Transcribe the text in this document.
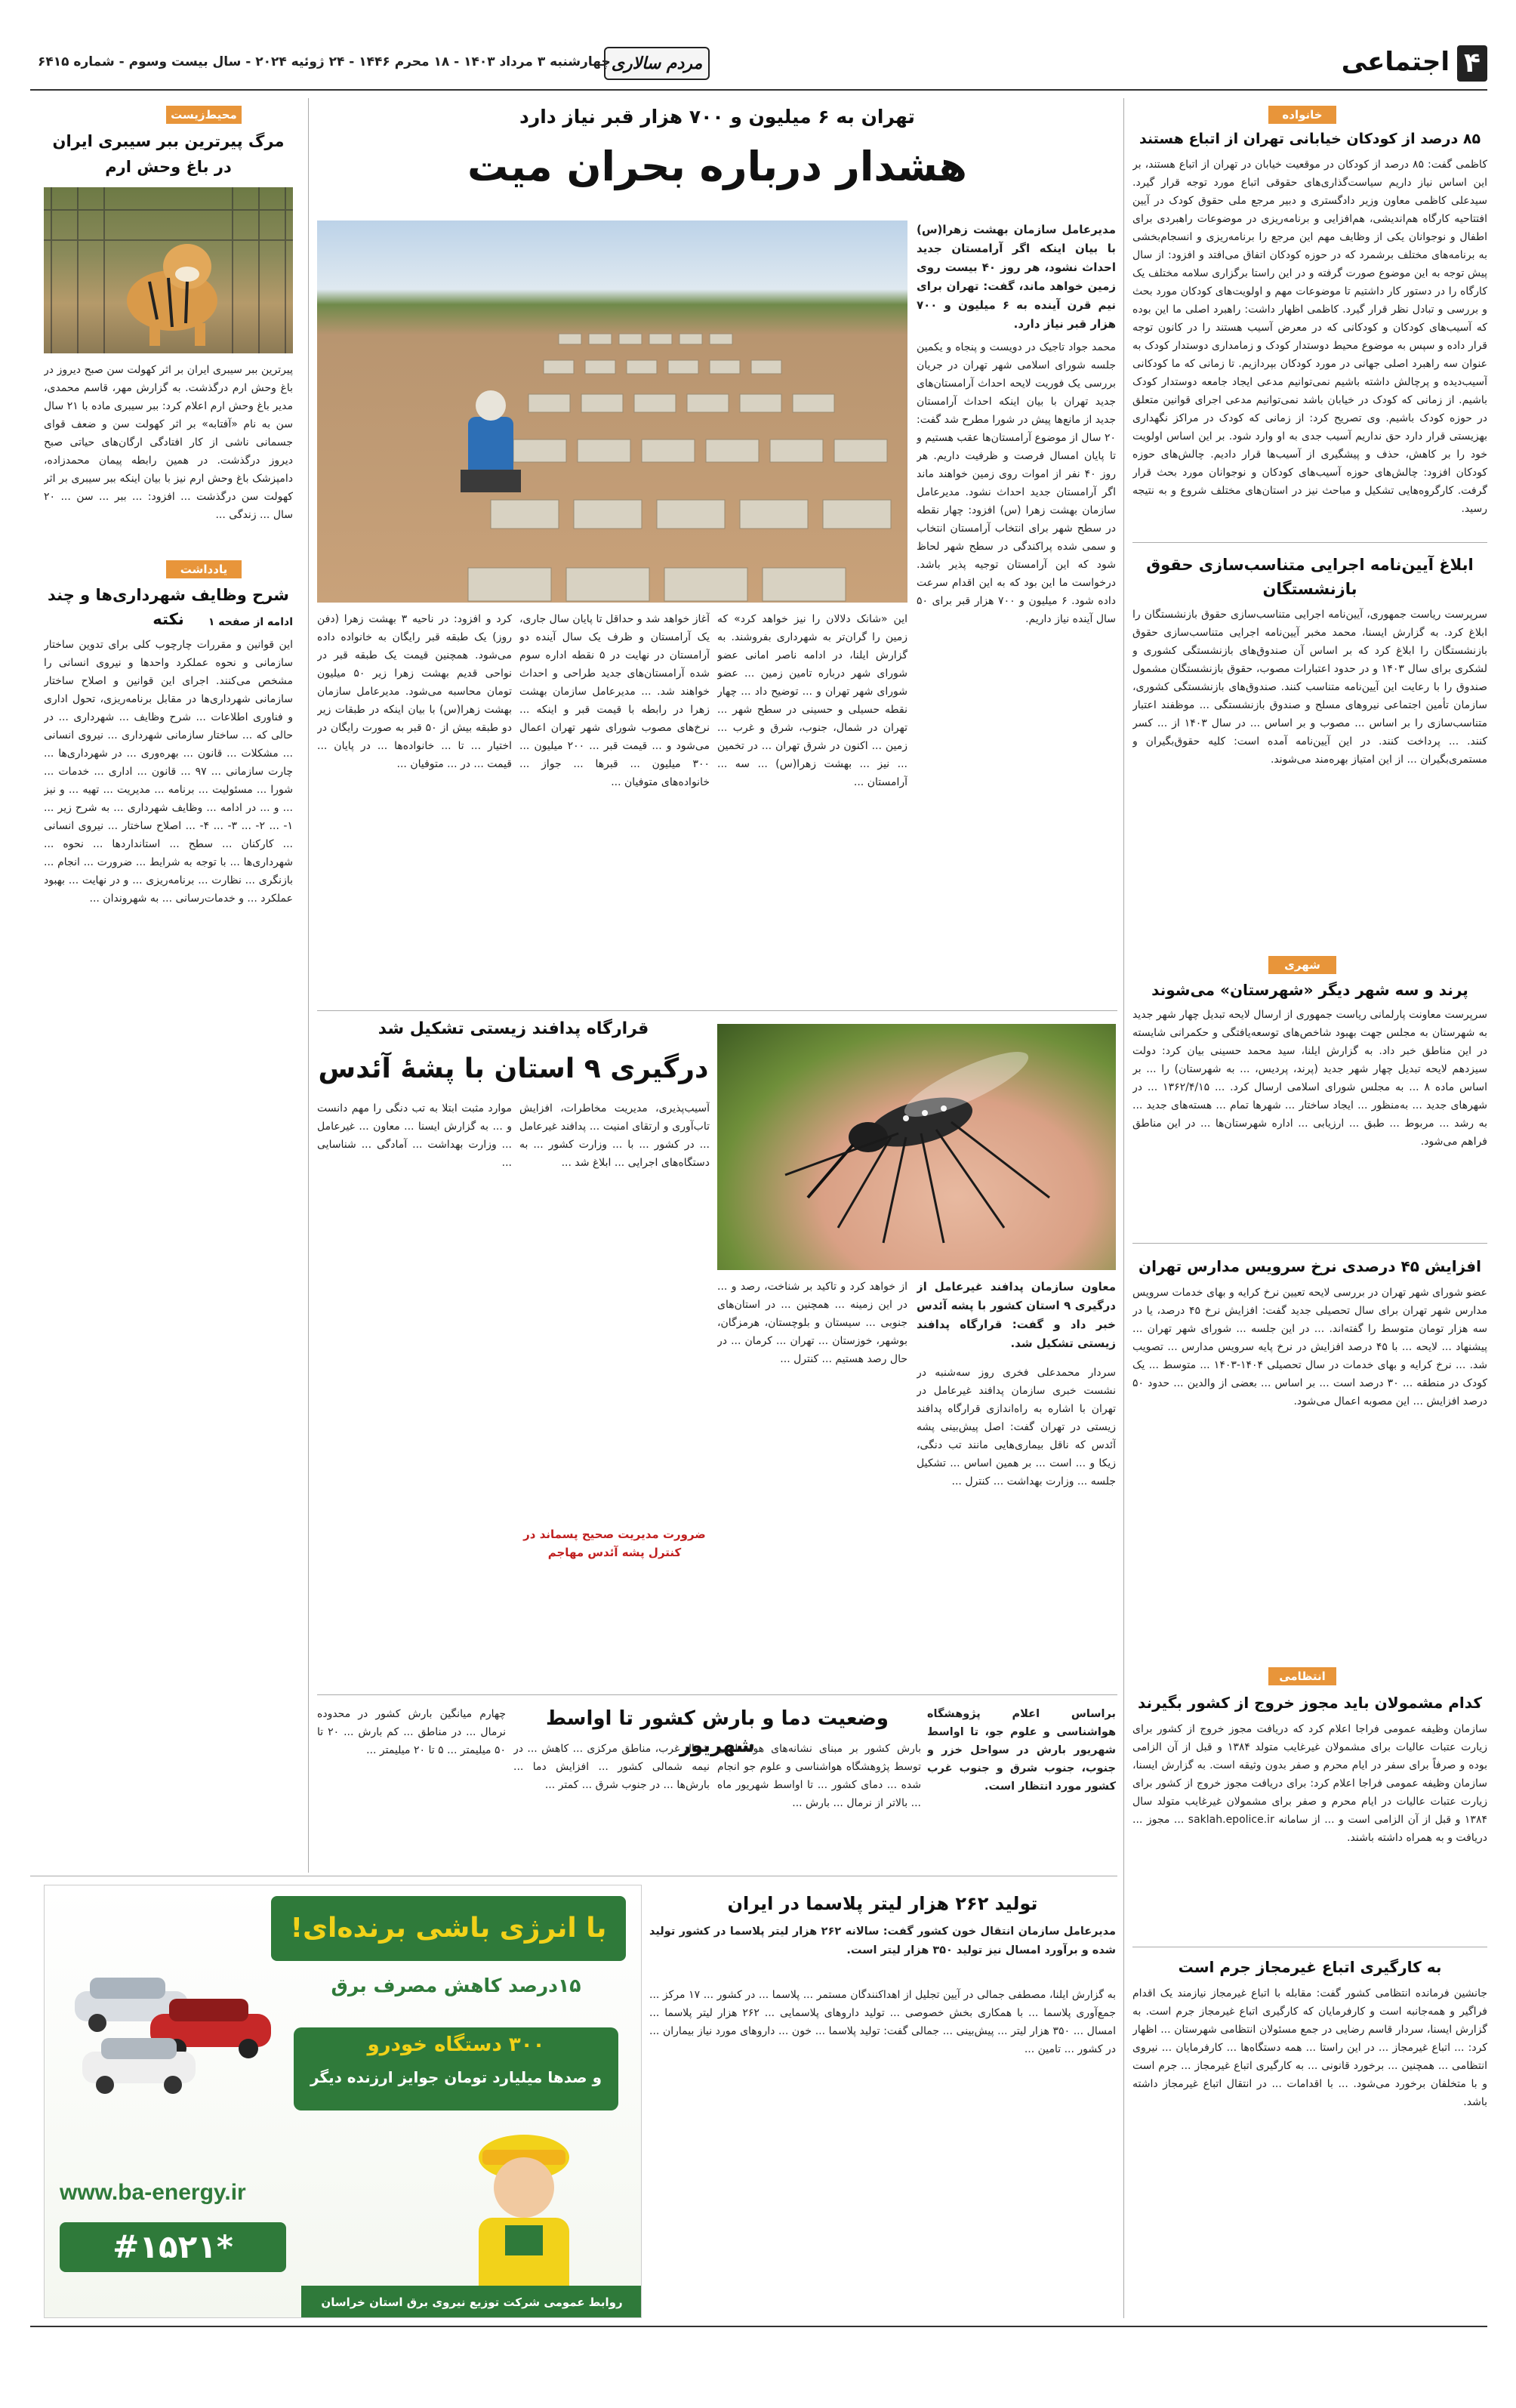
۴
اجتماعی
مردم سالاری
چهارشنبه ۳ مرداد ۱۴۰۳ - ۱۸ محرم ۱۴۴۶ - ۲۴ ژوئیه ۲۰۲۴ - سال بیست وسوم - شماره ۶۴۱۵
خانواده
۸۵ درصد از کودکان خیابانی تهران از اتباع هستند
کاظمی گفت: ۸۵ درصد از کودکان در موقعیت خیابان در تهران از اتباع هستند، بر این اساس نیاز داریم سیاست‌گذاری‌های حقوقی اتباع مورد توجه قرار گیرد. سیدعلی کاظمی معاون وزیر دادگستری و دبیر مرجع ملی حقوق کودک در آیین افتتاحیه کارگاه هم‌اندیشی، هم‌افزایی و برنامه‌ریزی در موضوعات راهبردی برای اطفال و نوجوانان یکی از وظایف مهم این مرجع را برنامه‌ریزی و انسجام‌بخشی به برنامه‌های مختلف برشمرد که در حوزه کودکان اتفاق می‌افتد و افزود: از سال پیش توجه به این موضوع صورت گرفته و در این راستا برگزاری سلامه مختلف یک کارگاه را در دستور کار داشتیم تا موضوعات مهم و اولویت‌های کودکان مورد بحث و بررسی و تبادل نظر قرار گیرد. کاظمی اظهار داشت: راهبرد اصلی ما این بوده که آسیب‌های کودکان و کودکانی که در معرض آسیب هستند را در کانون توجه قرار داده و سپس به موضوع محیط دوستدار کودک و زمامداری دوستدار کودک به عنوان سه راهبرد اصلی جهانی در مورد کودکان بپردازیم. تا زمانی که ما کودکانی آسیب‌دیده و پرچالش داشته باشیم نمی‌توانیم مدعی ایجاد جامعه دوستدار کودک باشیم. از زمانی که کودک در خیابان باشد نمی‌توانیم مدعی اجرای قوانین متعلق در حوزه کودک باشیم. وی تصریح کرد: از زمانی که کودک در مراکز نگهداری بهزیستی قرار دارد حق نداریم آسیب جدی به او وارد شود. بر این اساس اولویت خود را بر کاهش، حذف و پیشگیری از آسیب‌ها قرار دادیم. چالش‌های حوزه کودکان افزود: چالش‌های حوزه آسیب‌های کودکان و نوجوانان مورد بحث قرار گرفت. کارگروه‌هایی تشکیل و مباحث نیز در استان‌های مختلف شروع و به نتیجه رسید.
ابلاغ آیین‌نامه اجرایی متناسب‌سازی حقوق بازنشستگان
سرپرست ریاست جمهوری، آیین‌نامه اجرایی متناسب‌سازی حقوق بازنشستگان را ابلاغ کرد. به گزارش ایسنا، محمد مخبر آیین‌نامه اجرایی متناسب‌سازی حقوق بازنشستگان را ابلاغ کرد که بر اساس آن صندوق‌های بازنشستگی کشوری و لشکری برای سال ۱۴۰۳ و در حدود اعتبارات مصوب، حقوق بازنشستگان مشمول صندوق را با رعایت این آیین‌نامه متناسب کنند. صندوق‌های بازنشستگی کشوری، سازمان تأمین اجتماعی نیروهای مسلح و صندوق بازنشستگی ... موظفند اعتبار متناسب‌سازی را بر اساس ... مصوب و بر اساس ... در سال ۱۴۰۳ از ... کسر کنند. ... پرداخت کنند. در این آیین‌نامه آمده است: کلیه حقوق‌بگیران و مستمری‌بگیران ... از این امتیاز بهره‌مند می‌شوند.
شهری
پرند و سه شهر دیگر «شهرستان» می‌شوند
سرپرست معاونت پارلمانی ریاست جمهوری از ارسال لایحه تبدیل چهار شهر جدید به شهرستان به مجلس جهت بهبود شاخص‌های توسعه‌یافتگی و حکمرانی شایسته در این مناطق خبر داد. به گزارش ایلنا، سید محمد حسینی بیان کرد: دولت سیزدهم لایحه تبدیل چهار شهر جدید (پرند، پردیس، ... به شهرستان) را ... بر اساس ماده ۸ ... به مجلس شورای اسلامی ارسال کرد. ... ۱۳۶۲/۴/۱۵ ... در شهرهای جدید ... به‌منظور ... ایجاد ساختار ... شهرها تمام ... هسته‌های جدید ... به رشد ... مربوط ... طبق ... ارزیابی ... اداره شهرستان‌ها ... در این مناطق فراهم می‌شود.
افزایش ۴۵ درصدی نرخ سرویس مدارس تهران
عضو شورای شهر تهران در بررسی لایحه تعیین نرخ کرایه و بهای خدمات سرویس مدارس شهر تهران برای سال تحصیلی جدید گفت: افزایش نرخ ۴۵ درصد، یا در سه هزار تومان متوسط را گفته‌اند. ... در این جلسه ... شورای شهر تهران ... پیشنهاد ... لایحه ... با ۴۵ درصد افزایش در نرخ پایه سرویس مدارس ... تصویب شد. ... نرخ کرایه و بهای خدمات در سال تحصیلی ۱۴۰۴-۱۴۰۳ ... متوسط ... یک کودک در منطقه ... ۳۰ درصد است ... بر اساس ... بعضی از والدین ... حدود ۵۰ درصد افزایش ... این مصوبه اعمال می‌شود.
انتظامی
کدام مشمولان باید مجوز خروج از کشور بگیرند
سازمان وظیفه عمومی فراجا اعلام کرد که دریافت مجوز خروج از کشور برای زیارت عتبات عالیات برای مشمولان غیرغایب متولد ۱۳۸۴ و قبل از آن الزامی بوده و صرفاً برای سفر در ایام محرم و صفر بدون وثیقه است. به گزارش ایسنا، سازمان وظیفه عمومی فراجا اعلام کرد: برای دریافت مجوز خروج از کشور برای زیارت عتبات عالیات در ایام محرم و صفر برای مشمولان غیرغایب متولد سال ۱۳۸۴ و قبل از آن الزامی است و ... از سامانه saklah.epolice.ir ... مجوز ... دریافت و به همراه داشته باشند.
به کارگیری اتباع غیرمجاز جرم است
جانشین فرمانده انتظامی کشور گفت: مقابله با اتباع غیرمجاز نیازمند یک اقدام فراگیر و همه‌جانبه است و کارفرمایان که کارگیری اتباع غیرمجاز جرم است. به گزارش ایسنا، سردار قاسم رضایی در جمع مسئولان انتظامی شهرستان ... اظهار کرد: ... اتباع غیرمجاز ... در این راستا ... همه دستگاه‌ها ... کارفرمایان ... نیروی انتظامی ... همچنین ... برخورد قانونی ... به کارگیری اتباع غیرمجاز ... جرم است و با متخلفان برخورد می‌شود. ... با اقدامات ... در انتقال اتباع غیرمجاز داشته باشد.
محیط‌زیست
مرگ پیرترین ببر سیبری ایران در باغ وحش ارم
پیرترین ببر سیبری ایران بر اثر کهولت سن صبح دیروز در باغ وحش ارم درگذشت. به گزارش مهر، قاسم محمدی، مدیر باغ وحش ارم اعلام کرد: ببر سیبری ماده با ۲۱ سال سن به نام «آفتابه» بر اثر کهولت سن و ضعف قوای جسمانی ناشی از کار افتادگی ارگان‌های حیاتی صبح دیروز درگذشت. در همین رابطه پیمان محمدزاده، دامپزشک باغ وحش ارم نیز با بیان اینکه ببر سیبری بر اثر کهولت سن درگذشت ... افزود: ... ببر ... سن ... ۲۰ سال ... زندگی ...
یادداشت
شرح وظایف شهرداری‌ها و چند نکته	ادامه از صفحه ۱
این قوانین و مقررات چارچوب کلی برای تدوین ساختار سازمانی و نحوه عملکرد واحدها و نیروی انسانی را مشخص می‌کنند. اجرای این قوانین و اصلاح ساختار سازمانی شهرداری‌ها در مقابل برنامه‌ریزی، تحول اداری و فناوری اطلاعات ... شرح وظایف ... شهرداری ... در حالی که ... ساختار سازمانی شهرداری ... نیروی انسانی ... مشکلات ... قانون ... بهره‌وری ... در شهرداری‌ها ... چارت سازمانی ... ۹۷ ... قانون ... اداری ... خدمات ... شورا ... مسئولیت ... برنامه ... مدیریت ... تهیه ... و نیز ... و ... در ادامه ... وظایف شهرداری ... به شرح زیر ... ۱- ... ۲- ... ۳- ... ۴- ... اصلاح ساختار ... نیروی انسانی ... کارکنان ... سطح ... استانداردها ... نحوه ... شهرداری‌ها ... با توجه به شرایط ... ضرورت ... انجام ... بازنگری ... نظارت ... برنامه‌ریزی ... و در نهایت ... بهبود عملکرد ... و خدمات‌رسانی ... به شهروندان ...
تهران به ۶ میلیون و ۷۰۰ هزار قبر نیاز دارد
هشدار درباره بحران میت
مدیرعامل سازمان بهشت زهرا(س) با بیان اینکه اگر آرامستان جدید احداث نشود، هر روز ۴۰ بیست روی زمین خواهد ماند، گفت: تهران برای نیم قرن آینده به ۶ میلیون و ۷۰۰ هزار قبر نیاز دارد.
محمد جواد تاجیک در دویست و پنجاه و یکمین جلسه شورای اسلامی شهر تهران در جریان بررسی یک فوریت لایحه احداث آرامستان‌های جدید تهران با بیان اینکه احداث آرامستان جدید از مانع‌ها پیش در شورا مطرح شد گفت: ۲۰ سال از موضوع آرامستان‌ها عقب هستیم و تا پایان امسال فرصت و ظرفیت داریم. هر روز ۴۰ نفر از اموات روی زمین خواهند ماند اگر آرامستان جدید احداث نشود. مدیرعامل سازمان بهشت زهرا (س) افزود: چهار نقطه در سطح شهر برای انتخاب آرامستان انتخاب و سمی شده پراکندگی در سطح شهر لحاظ شود که این آرامستان توجیه پذیر باشد. درخواست ما این بود که به این اقدام سرعت داده شود. ۶ میلیون و ۷۰۰ هزار قبر برای ۵۰ سال آینده نیاز داریم.
این «شانک دلالان را نیز خواهد کرد» که زمین را گران‌تر به شهرداری بفروشند. به گزارش ایلنا، در ادامه ناصر امانی عضو شورای شهر درباره تامین زمین ... عضو شورای شهر تهران و ... توضیح داد ... چهار نقطه حسیلی و حسینی در سطح شهر ... تهران در شمال، جنوب، شرق و غرب ... زمین ... اکنون در شرق تهران ... در تخمین ... نیز ... بهشت زهرا(س) ... سه ... آرامستان ...
آغاز خواهد شد و حداقل تا پایان سال جاری، یک آرامستان و ظرف یک سال آینده دو آرامستان در نهایت در ۵ نقطه اداره سوم شده آرامستان‌های جدید طراحی و احداث خواهند شد. ... مدیرعامل سازمان بهشت زهرا در رابطه با قیمت قبر و اینکه ... نرخ‌های مصوب شورای شهر تهران اعمال می‌شود و ... قیمت قبر ... ۲۰۰ میلیون ... ۳۰۰ میلیون ... قبرها ... جواز ... خانواده‌های متوفیان ...
کرد و افزود: در ناحیه ۳ بهشت زهرا (دفن روز) یک طبقه قبر رایگان به خانواده داده می‌شود. همچنین قیمت یک طبقه قبر در نواحی قدیم بهشت زهرا زیر ۵۰ میلیون تومان محاسبه می‌شود. مدیرعامل سازمان بهشت زهرا(س) با بیان اینکه در طبقات زیر دو طبقه بیش از ۵۰ قبر به صورت رایگان در اختیار ... تا ... خانواده‌ها ... در پایان ... قیمت ... در ... متوفیان ...
قرارگاه پدافند زیستی تشکیل شد
درگیری ۹ استان با پشهٔ آئدس
معاون سازمان پدافند غیرعامل از درگیری ۹ استان کشور با پشه آئدس خبر داد و گفت: قرارگاه پدافند زیستی تشکیل شد.
سردار محمدعلی فخری روز سه‌شنبه در نشست خبری سازمان پدافند غیرعامل در تهران با اشاره به راه‌اندازی قرارگاه پدافند زیستی در تهران گفت: اصل پیش‌بینی پشه آئدس که ناقل بیماری‌هایی مانند تب دنگی، زیکا و ... است ... بر همین اساس ... تشکیل جلسه ... وزارت بهداشت ... کنترل ...
از خواهد کرد و تاکید بر شناخت، رصد و ... در این زمینه ... همچنین ... در استان‌های جنوبی ... سیستان و بلوچستان، هرمزگان، بوشهر، خوزستان ... تهران ... کرمان ... در حال رصد هستیم ... کنترل ...
آسیب‌پذیری، مدیریت مخاطرات، افزایش تاب‌آوری و ارتقای امنیت ... پدافند غیرعامل ... در کشور ... با ... وزارت کشور ... به دستگاه‌های اجرایی ... ابلاغ شد ...
ضرورت مدیریت صحیح پسماند در کنترل پشه آئدس مهاجم
موارد مثبت ابتلا به تب دنگی را مهم دانست و ... به گزارش ایسنا ... معاون ... غیرعامل ... وزارت بهداشت ... آمادگی ... شناسایی ...
وضعیت دما و بارش کشور تا اواسط شهریور
براساس اعلام پژوهشگاه هواشناسی و علوم جو، تا اواسط شهریور بارش در سواحل خزر و جنوب، جنوب شرق و جنوب غرب کشور مورد انتظار است.
بارش کشور بر مبنای نشانه‌های هواشناسی توسط پژوهشگاه هواشناسی و علوم جو انجام شده ... دمای کشور ... تا اواسط شهریور ماه ... بالاتر از نرمال ... بارش ...
شمال غرب، مناطق مرکزی ... کاهش ... در نیمه شمالی کشور ... افزایش دما ... بارش‌ها ... در جنوب شرق ... کمتر ...
چهارم میانگین بارش کشور در محدوده نرمال ... در مناطق ... کم بارش ... ۲۰ تا ۵۰ میلیمتر ... ۵ تا ۲۰ میلیمتر ...
تولید ۲۶۲ هزار لیتر پلاسما در ایران
مدیرعامل سازمان انتقال خون کشور گفت: سالانه ۲۶۲ هزار لیتر پلاسما در کشور تولید شده و برآورد امسال نیز تولید ۳۵۰ هزار لیتر است.
به گزارش ایلنا، مصطفی جمالی در آیین تجلیل از اهداکنندگان مستمر ... پلاسما ... در کشور ... ۱۷ مرکز ... جمع‌آوری پلاسما ... با همکاری بخش خصوصی ... تولید داروهای پلاسمایی ... ۲۶۲ هزار لیتر پلاسما ... امسال ... ۳۵۰ هزار لیتر ... پیش‌بینی ... جمالی گفت: تولید پلاسما ... خون ... داروهای مورد نیاز بیماران ... در کشور ... تامین ...
با انرژی باشی برنده‌ای!
۱۵درصد کاهش مصرف برق
۳۰۰ دستگاه خودرو
و صدها میلیارد تومان جوایز ارزنده دیگر
www.ba-energy.ir
#۱۵۲۱*
روابط عمومی شرکت توزیع نیروی برق استان خراسان
